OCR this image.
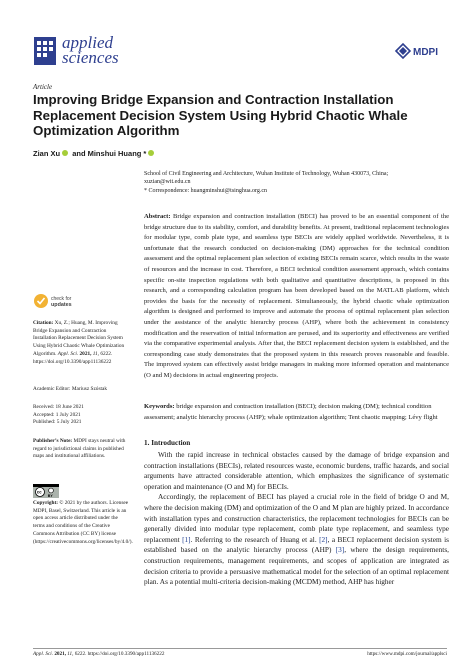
applied
sciences	MDPI
Article
Improving Bridge Expansion and Contraction Installation Replacement Decision System Using Hybrid Chaotic Whale Optimization Algorithm
Zian Xu and Minshui Huang *
School of Civil Engineering and Architecture, Wuhan Institute of Technology, Wuhan 430073, China;
xuzian@wit.edu.cn
* Correspondence: huangminshui@tsinghua.org.cn
Abstract: Bridge expansion and contraction installation (BECI) has proved to be an essential component of the bridge structure due to its stability, comfort, and durability benefits. At present, traditional replacement technologies for modular type, comb plate type, and seamless type BECIs are widely applied worldwide. Nevertheless, it is unfortunate that the research conducted on decision-making (DM) approaches for the technical condition assessment and the optimal replacement plan selection of existing BECIs remain scarce, which results in the waste of resources and the increase in cost. Therefore, a BECI technical condition assessment approach, which contains specific on-site inspection regulations with both qualitative and quantitative descriptions, is proposed in this research, and a corresponding calculation program has been developed based on the MATLAB platform, which provides the basis for the necessity of replacement. Simultaneously, the hybrid chaotic whale optimization algorithm is designed and performed to improve and automate the process of optimal replacement plan selection under the assistance of the analytic hierarchy process (AHP), where both the achievement in consistency modification and the reservation of initial information are perused, and its superiority and effectiveness are verified via the comparative experimental analysis. After that, the BECI replacement decision system is established, and the corresponding case study demonstrates that the proposed system in this research proves reasonable and feasible. The improved system can effectively assist bridge managers in making more informed operation and maintenance (O and M) decisions in actual engineering projects.
Keywords: bridge expansion and contraction installation (BECI); decision making (DM); technical condition assessment; analytic hierarchy process (AHP); whale optimization algorithm; Tent chaotic mapping; Lévy flight
check for
updates
Citation: Xu, Z.; Huang, M. Improving Bridge Expansion and Contraction Installation Replacement Decision System Using Hybrid Chaotic Whale Optimization Algorithm. Appl. Sci. 2021, 11, 6222. https://doi.org/10.3390/app11136222
Academic Editor: Mariusz Szóstak
Received: 18 June 2021
Accepted: 1 July 2021
Published: 5 July 2021
Publisher’s Note: MDPI stays neutral with regard to jurisdictional claims in published maps and institutional affiliations.
cc
BY
Copyright: © 2021 by the authors. Licensee MDPI, Basel, Switzerland. This article is an open access article distributed under the terms and conditions of the Creative Commons Attribution (CC BY) license (https://creativecommons.org/licenses/by/4.0/).
1. Introduction

With the rapid increase in technical obstacles caused by the damage of bridge expansion and contraction installations (BECIs), related resources waste, economic burdens, traffic hazards, and social arguments have attracted considerable attention, which emphasizes the significance of systematic operation and maintenance (O and M) for BECIs.

Accordingly, the replacement of BECI has played a crucial role in the field of bridge O and M, where the decision making (DM) and optimization of the O and M plan are highly prized. In accordance with installation types and construction characteristics, the replacement technologies for BECIs can be generally divided into modular type replacement, comb plate type replacement, and seamless type replacement [1]. Referring to the research of Huang et al. [2], a BECI replacement decision system is established based on the analytic hierarchy process (AHP) [3], where the design requirements, construction requirements, management requirements, and scopes of application are integrated as decision criteria to provide a persuasive mathematical model for the selection of an optimal replacement plan. As a potential multi-criteria decision-making (MCDM) method, AHP has higher

Appl. Sci. 2021, 11, 6222. https://doi.org/10.3390/app11136222	https://www.mdpi.com/journal/applsci
